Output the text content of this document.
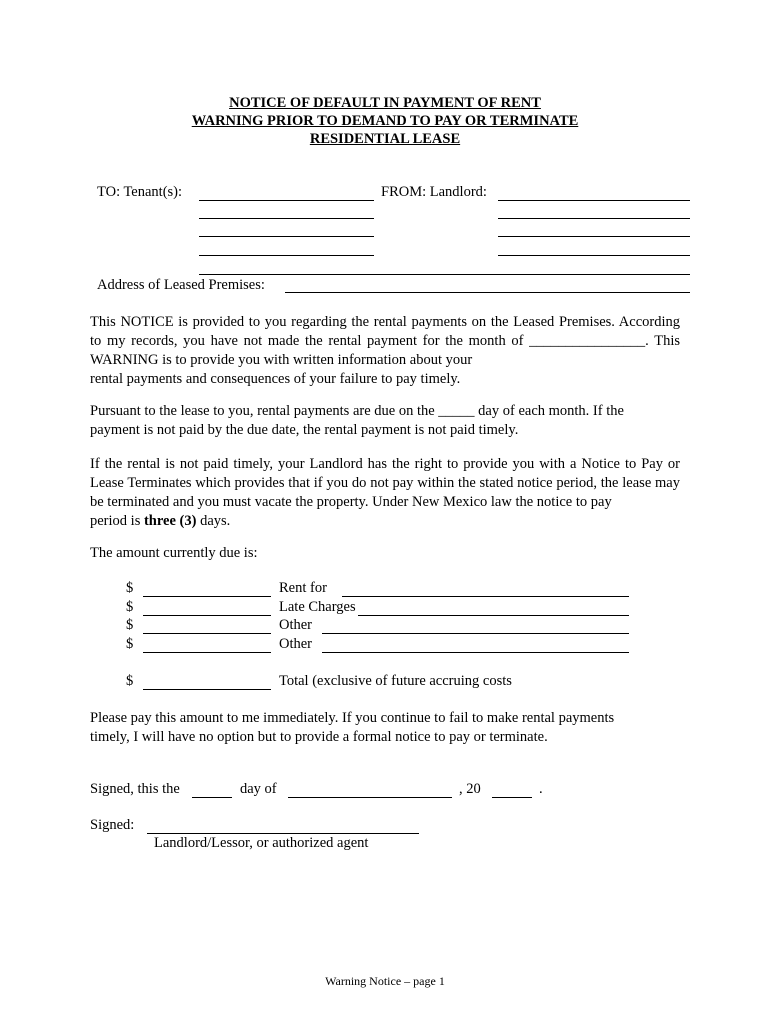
NOTICE OF DEFAULT IN PAYMENT OF RENT
WARNING PRIOR TO DEMAND TO PAY OR TERMINATE
RESIDENTIAL LEASE
TO: Tenant(s):	FROM: Landlord:
Address of Leased Premises:
This NOTICE is provided to you regarding the rental payments on the Leased Premises. According to my records, you have not made the rental payment for the month of ________________. This WARNING is to provide you with written information about your
rental payments and consequences of your failure to pay timely.
Pursuant to the lease to you, rental payments are due on the _____ day of each month. If the
payment is not paid by the due date, the rental payment is not paid timely.
If the rental is not paid timely, your Landlord has the right to provide you with a Notice to Pay or Lease Terminates which provides that if you do not pay within the stated notice period, the lease may be terminated and you must vacate the property. Under New Mexico law the notice to pay
period is three (3) days.
The amount currently due is:
$	Rent for
$	Late Charges
$	Other
$	Other
$	Total (exclusive of future accruing costs
Please pay this amount to me immediately. If you continue to fail to make rental payments
timely, I will have no option but to provide a formal notice to pay or terminate.
Signed, this the	day of	, 20	.
Signed:
Landlord/Lessor, or authorized agent
Warning Notice – page 1
